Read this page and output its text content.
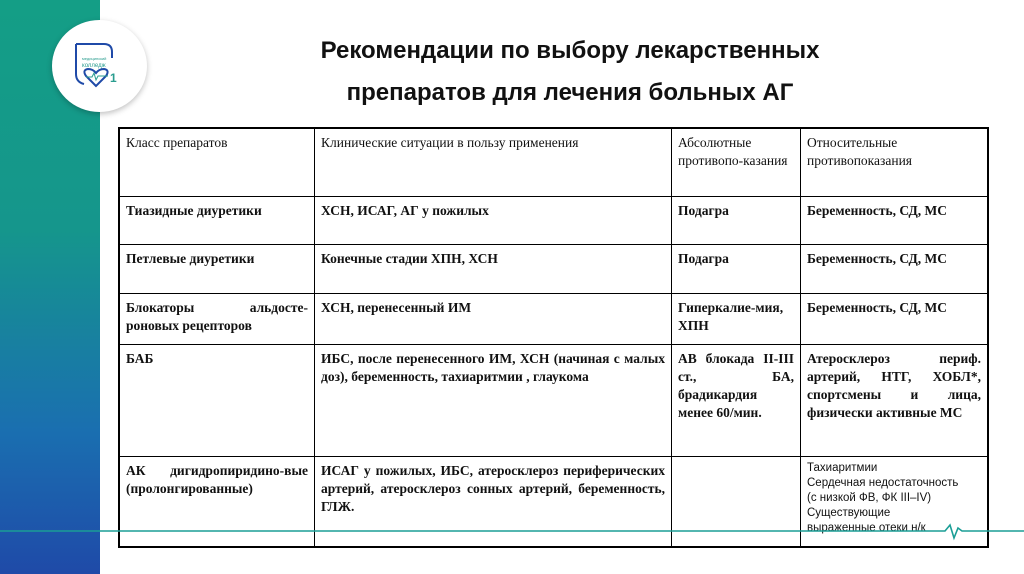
медицинский
колледж
1
Рекомендации по выбору лекарственных
препаратов для лечения больных АГ
Класс препаратов	Клинические ситуации в пользу применения	Абсолютные противопо-казания	Относительные противопоказания
Тиазидные диуретики	ХСН, ИСАГ, АГ у пожилых	Подагра	Беременность, СД, МС
Петлевые диуретики	Конечные стадии ХПН, ХСН	Подагра	Беременность, СД, МС
Блокаторы альдосте-роновых рецепторов	ХСН, перенесенный ИМ	Гиперкалие-мия, ХПН	Беременность, СД, МС
БАБ	ИБС, после перенесенного ИМ, ХСН (начиная с малых доз), беременность, тахиаритмии , глаукома	АВ блокада II-III ст., БА, брадикардия менее 60/мин.	Атеросклероз периф. артерий, НТГ, ХОБЛ*, спортсмены и лица, физически активные МС
АК дигидропиридино-вые (пролонгированные)	ИСАГ у пожилых, ИБС, атеросклероз периферических артерий, атеросклероз сонных артерий, беременность, ГЛЖ.		Тахиаритмии
Сердечная недостаточность
(с низкой ФВ, ФК III–IV)
Существующие
выраженные отеки н/к
